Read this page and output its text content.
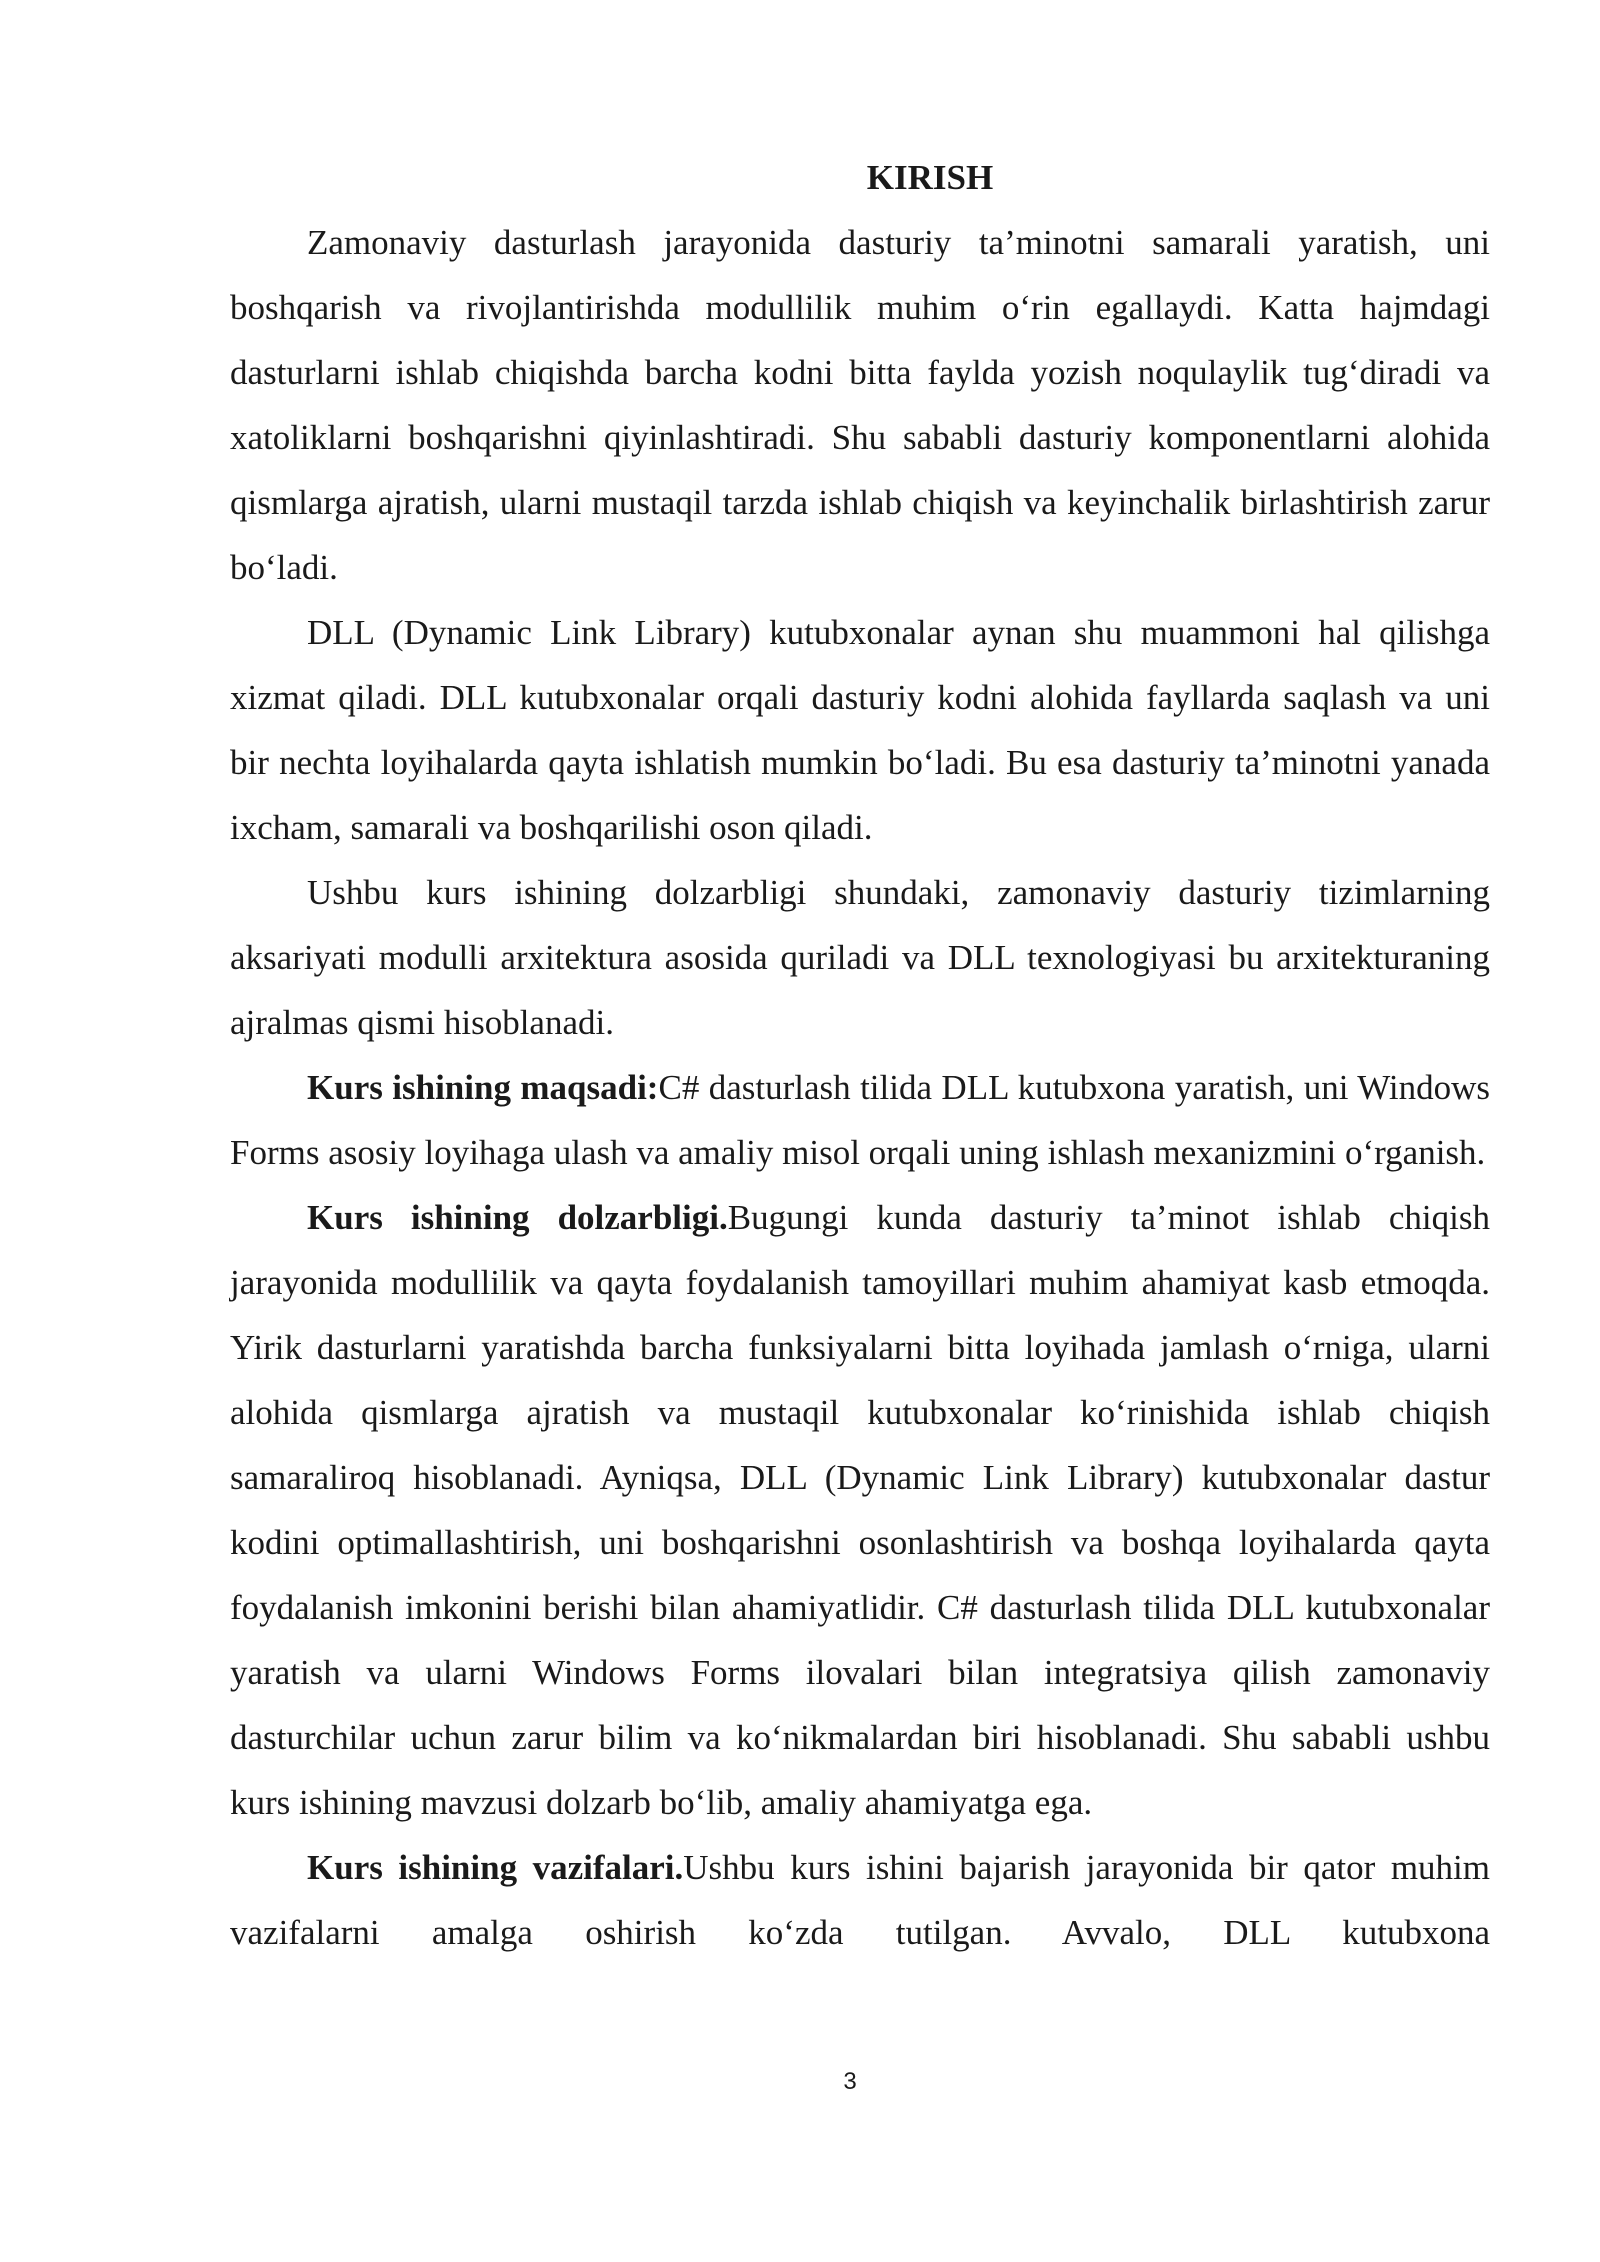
KIRISH

Zamonaviy dasturlash jarayonida dasturiy ta’minotni samarali yaratish, uni boshqarish va rivojlantirishda modullilik muhim o‘rin egallaydi. Katta hajmdagi dasturlarni ishlab chiqishda barcha kodni bitta faylda yozish noqulaylik tug‘diradi va xatoliklarni boshqarishni qiyinlashtiradi. Shu sababli dasturiy komponentlarni alohida qismlarga ajratish, ularni mustaqil tarzda ishlab chiqish va keyinchalik birlashtirish zarur bo‘ladi.

DLL (Dynamic Link Library) kutubxonalar aynan shu muammoni hal qilishga xizmat qiladi. DLL kutubxonalar orqali dasturiy kodni alohida fayllarda saqlash va uni bir nechta loyihalarda qayta ishlatish mumkin bo‘ladi. Bu esa dasturiy ta’minotni yanada ixcham, samarali va boshqarilishi oson qiladi.

Ushbu kurs ishining dolzarbligi shundaki, zamonaviy dasturiy tizimlarning aksariyati modulli arxitektura asosida quriladi va DLL texnologiyasi bu arxitekturaning ajralmas qismi hisoblanadi.

Kurs ishining maqsadi:C# dasturlash tilida DLL kutubxona yaratish, uni Windows Forms asosiy loyihaga ulash va amaliy misol orqali uning ishlash mexanizmini o‘rganish.

Kurs ishining dolzarbligi.Bugungi kunda dasturiy ta’minot ishlab chiqish jarayonida modullilik va qayta foydalanish tamoyillari muhim ahamiyat kasb etmoqda. Yirik dasturlarni yaratishda barcha funksiyalarni bitta loyihada jamlash o‘rniga, ularni alohida qismlarga ajratish va mustaqil kutubxonalar ko‘rinishida ishlab chiqish samaraliroq hisoblanadi. Ayniqsa, DLL (Dynamic Link Library) kutubxonalar dastur kodini optimallashtirish, uni boshqarishni osonlashtirish va boshqa loyihalarda qayta foydalanish imkonini berishi bilan ahamiyatlidir. C# dasturlash tilida DLL kutubxonalar yaratish va ularni Windows Forms ilovalari bilan integratsiya qilish zamonaviy dasturchilar uchun zarur bilim va ko‘nikmalardan biri hisoblanadi. Shu sababli ushbu kurs ishining mavzusi dolzarb bo‘lib, amaliy ahamiyatga ega.

Kurs ishining vazifalari.Ushbu kurs ishini bajarish jarayonida bir qator muhim vazifalarni amalga oshirish ko‘zda tutilgan. Avvalo, DLL kutubxona

3
